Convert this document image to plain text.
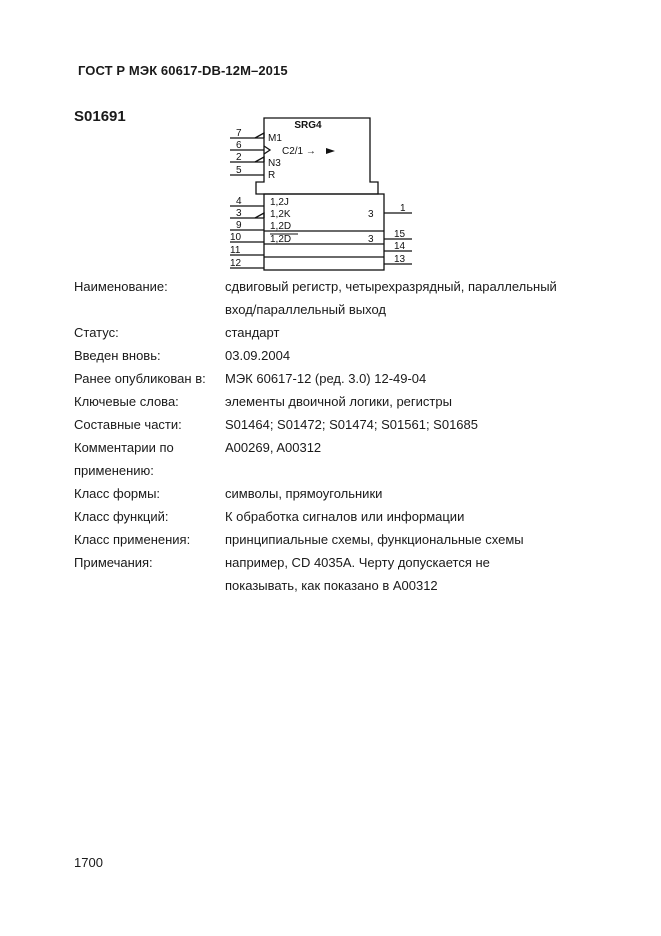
ГОСТ Р МЭК 60617-DB-12M–2015
S01691
SRG4
M1
C2/1 →
N3
R
7
6
2
5
1,2J
1,2K
1,2D
1,2D
4
3
9
10
11
12
3
3
1
15
14
13
Наименование:	сдвиговый регистр, четырехразрядный, параллельный
вход/параллельный выход
Статус:	стандарт
Введен вновь:	03.09.2004
Ранее опубликован в:	МЭК 60617-12 (ред. 3.0) 12-49-04
Ключевые слова:	элементы двоичной логики, регистры
Составные части:	S01464; S01472; S01474; S01561; S01685
Комментарии по применению:
A00269, A00312
Класс формы:	символы, прямоугольники
Класс функций:	К обработка сигналов или информации
Класс применения:	принципиальные схемы, функциональные схемы
Примечания:	например, CD 4035A. Черту допускается не
показывать, как показано в A00312
1700
